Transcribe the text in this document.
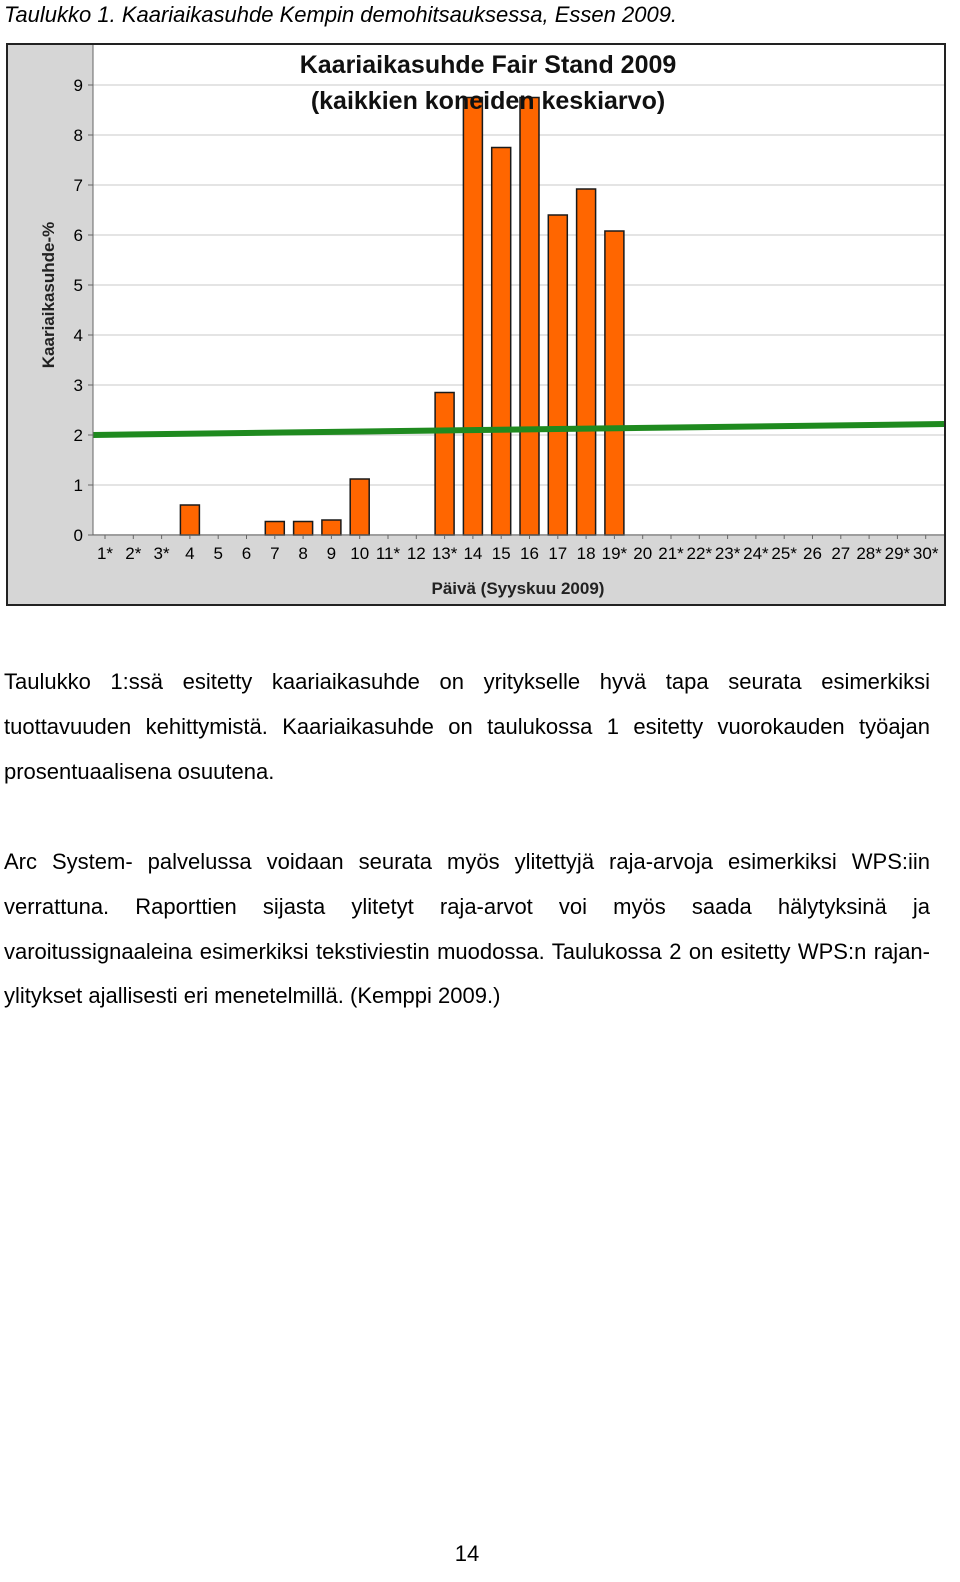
Taulukko 1. Kaariaikasuhde Kempin demohitsauksessa, Essen 2009.
0
1
2
3
4
5
6
7
8
9
1* 2* 3* 4 5 6 7 8 9 10 11* 12 13* 14 15 16 17 18 19* 20 21* 22* 23* 24* 25* 26 27 28* 29* 30*
Kaariaikasuhde Fair Stand 2009
(kaikkien koneiden keskiarvo)
Kaariaikasuhde-%
Päivä (Syyskuu 2009)
Taulukko 1:ssä esitetty kaariaikasuhde on yritykselle hyvä tapa seurata esimerkiksi tuottavuuden kehittymistä. Kaariaikasuhde on taulukossa 1 esitetty vuorokauden työajan prosentuaalisena osuutena.
Arc System- palvelussa voidaan seurata myös ylitettyjä raja-arvoja esimerkiksi WPS:iin verrattuna. Raporttien sijasta ylitetyt raja-arvot voi myös saada hälytyksinä ja varoitussignaaleina esimerkiksi tekstiviestin muodossa. Taulukossa 2 on esitetty WPS:n rajan-ylitykset ajallisesti eri menetelmillä. (Kemppi 2009.)
14
